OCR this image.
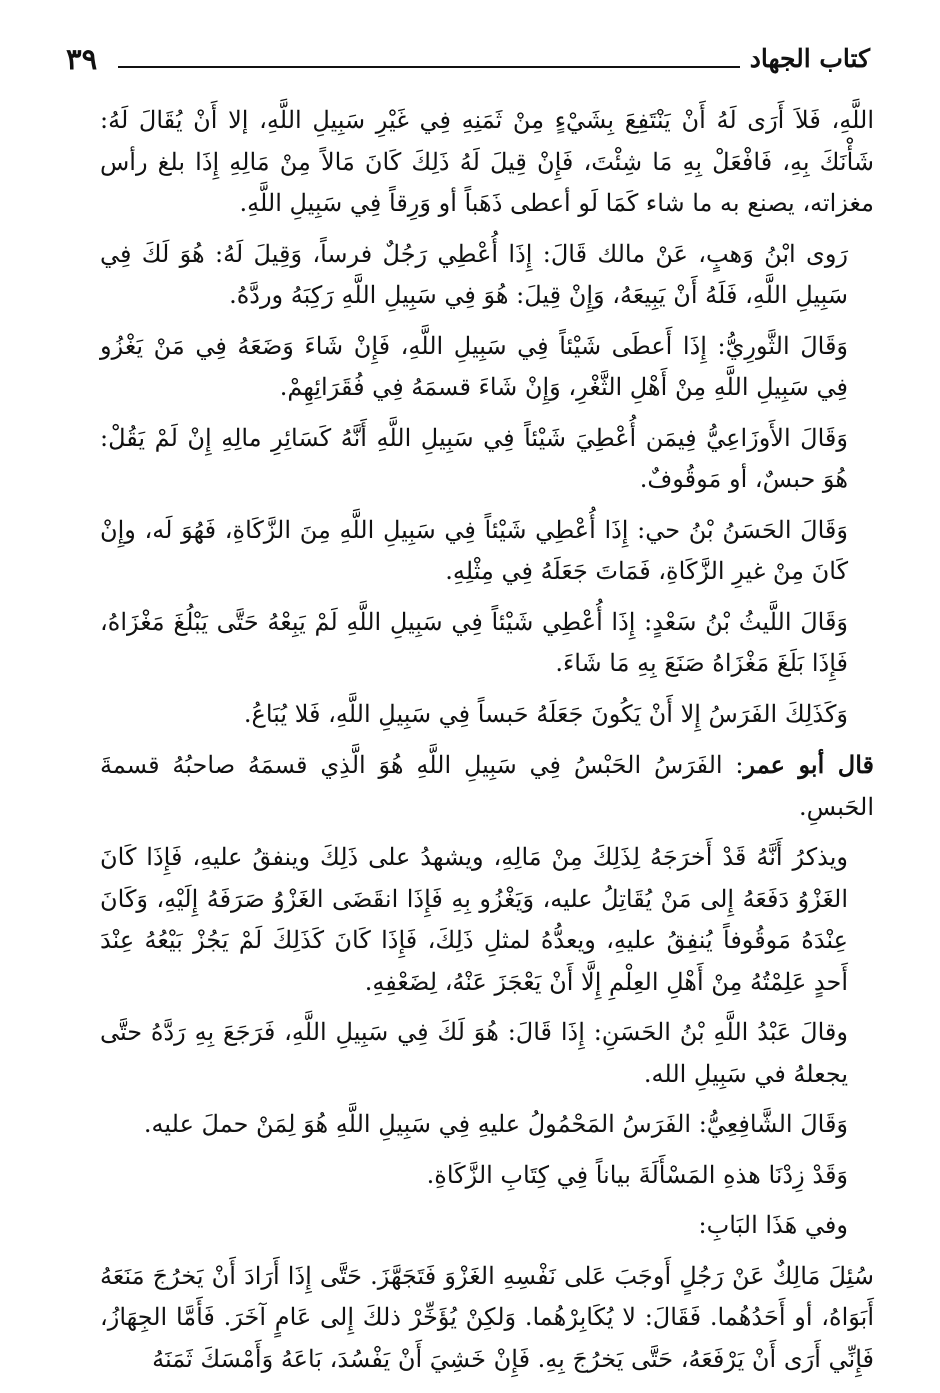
٣٩	كتاب الجهاد

اللَّهِ، فَلاَ أَرَى لَهُ أَنْ يَنْتَفِعَ بِشَيْءٍ مِنْ ثَمَنِهِ فِي غَيْرِ سَبِيلِ اللَّهِ، إلا أَنْ يُقَالَ لَهُ: شَأْنَكَ بِهِ، فَافْعَلْ بِهِ مَا شِئْتَ، فَإِنْ قِيلَ لَهُ ذَلِكَ كَانَ مَالاً مِنْ مَالِهِ إِذَا بلغ رأس مغزاته، يصنع به ما شاء كَمَا لَو أعطى ذَهَباً أو وَرِقاً فِي سَبِيلِ اللَّهِ.

رَوى ابْنُ وَهبٍ، عَنْ مالك قَالَ: إِذَا أُعْطِي رَجُلٌ فرساً، وَقِيلَ لَهُ: هُوَ لَكَ فِي سَبِيلِ اللَّهِ، فَلَهُ أَنْ يَبِيعَهُ، وَإِنْ قِيلَ: هُوَ فِي سَبِيلِ اللَّهِ رَكِبَهُ وردَّهُ.

وَقَالَ الثَّورِيُّ: إِذَا أَعطَى شَيْئاً فِي سَبِيلِ اللَّهِ، فَإِنْ شَاءَ وَضَعَهُ فِي مَنْ يَغْزُو فِي سَبِيلِ اللَّهِ مِنْ أَهْلِ الثَّغْرِ، وَإِنْ شَاءَ قسمَهُ فِي فُقَرَائِهِمْ.

وَقَالَ الأَوزَاعِيُّ فِيمَن أُعْطِيَ شَيْئاً فِي سَبِيلِ اللَّهِ أَنَّهُ كَسَائِرِ مالِهِ إِنْ لَمْ يَقُلْ: هُوَ حبسٌ، أو مَوقُوفٌ.

وَقَالَ الحَسَنُ بْنُ حي: إِذَا أُعْطِي شَيْئاً فِي سَبِيلِ اللَّهِ مِنَ الزَّكَاةِ، فَهُوَ لَه، وإِنْ كَانَ مِنْ غيرِ الزَّكَاةِ، فَمَاتَ جَعَلَهُ فِي مِثْلِهِ.

وَقَالَ اللَّيثُ بْنُ سَعْدٍ: إِذَا أُعْطِي شَيْئاً فِي سَبِيلِ اللَّهِ لَمْ يَبِعْهُ حَتَّى يَبْلُغَ مَغْزَاهُ، فَإِذَا بَلَغَ مَغْزَاهُ صَنَعَ بِهِ مَا شَاءَ.

وَكَذَلِكَ الفَرَسُ إِلا أَنْ يَكُونَ جَعَلَهُ حَبساً فِي سَبِيلِ اللَّهِ، فَلا يُبَاعُ.

قال أبو عمر: الفَرَسُ الحَبْسُ فِي سَبِيلِ اللَّهِ هُوَ الَّذِي قسمَهُ صاحبُهُ قسمةَ الحَبسِ.

ويذكرُ أَنَّهُ قَدْ أَخرَجَهُ لِذَلِكَ مِنْ مَالِهِ، ويشهدُ على ذَلِكَ وينفقُ عليهِ، فَإِذَا كَانَ الغَزْوُ دَفَعَهُ إِلى مَنْ يُقَاتِلُ عليه، وَيَغْزُو بِهِ فَإِذَا انقَضَى الغَزْوُ صَرَفَهُ إِلَيْهِ، وَكَانَ عِنْدَهُ مَوقُوفاً يُنفِقُ عليهِ، ويعدُّهُ لمثلِ ذَلِكَ، فَإِذَا كَانَ كَذَلِكَ لَمْ يَجُزْ بَيْعُهُ عِنْدَ أَحدٍ عَلِمْتُهُ مِنْ أَهْلِ العِلْمِ إِلَّا أَنْ يَعْجَزَ عَنْهُ، لِضَعْفِهِ.

وقالَ عَبْدُ اللَّهِ بْنُ الحَسَنِ: إِذَا قَالَ: هُوَ لَكَ فِي سَبِيلِ اللَّهِ، فَرَجَعَ بِهِ رَدَّهُ حتَّى يجعلهُ في سَبِيلِ الله.

وَقَالَ الشَّافِعِيُّ: الفَرَسُ المَحْمُولُ عليهِ فِي سَبِيلِ اللَّهِ هُوَ لِمَنْ حملَ عليه.

وَقَدْ زِدْنَا هذهِ المَسْأَلَةَ بياناً فِي كِتَابِ الزَّكَاةِ.

وفي هَذَا البَابِ:

سُئِلَ مَالِكٌ عَنْ رَجُلٍ أَوجَبَ عَلى نَفْسِهِ الغَزْوَ فَتَجَهَّزَ. حَتَّى إِذَا أَرَادَ أَنْ يَخرُجَ مَنَعَهُ أَبَوَاهُ، أو أَحَدُهُما. فَقَالَ: لا يُكَابِرْهُما. وَلكِنْ يُؤَخِّرْ ذلكَ إِلى عَامٍ آخَرَ. فَأَمَّا الجِهَازُ، فَإِنِّي أَرَى أَنْ يَرْفَعَهُ، حَتَّى يَخرُجَ بِهِ. فَإِنْ خَشِيَ أَنْ يَفْسُدَ، بَاعَهُ وَأَمْسَكَ ثَمَنَهُ
